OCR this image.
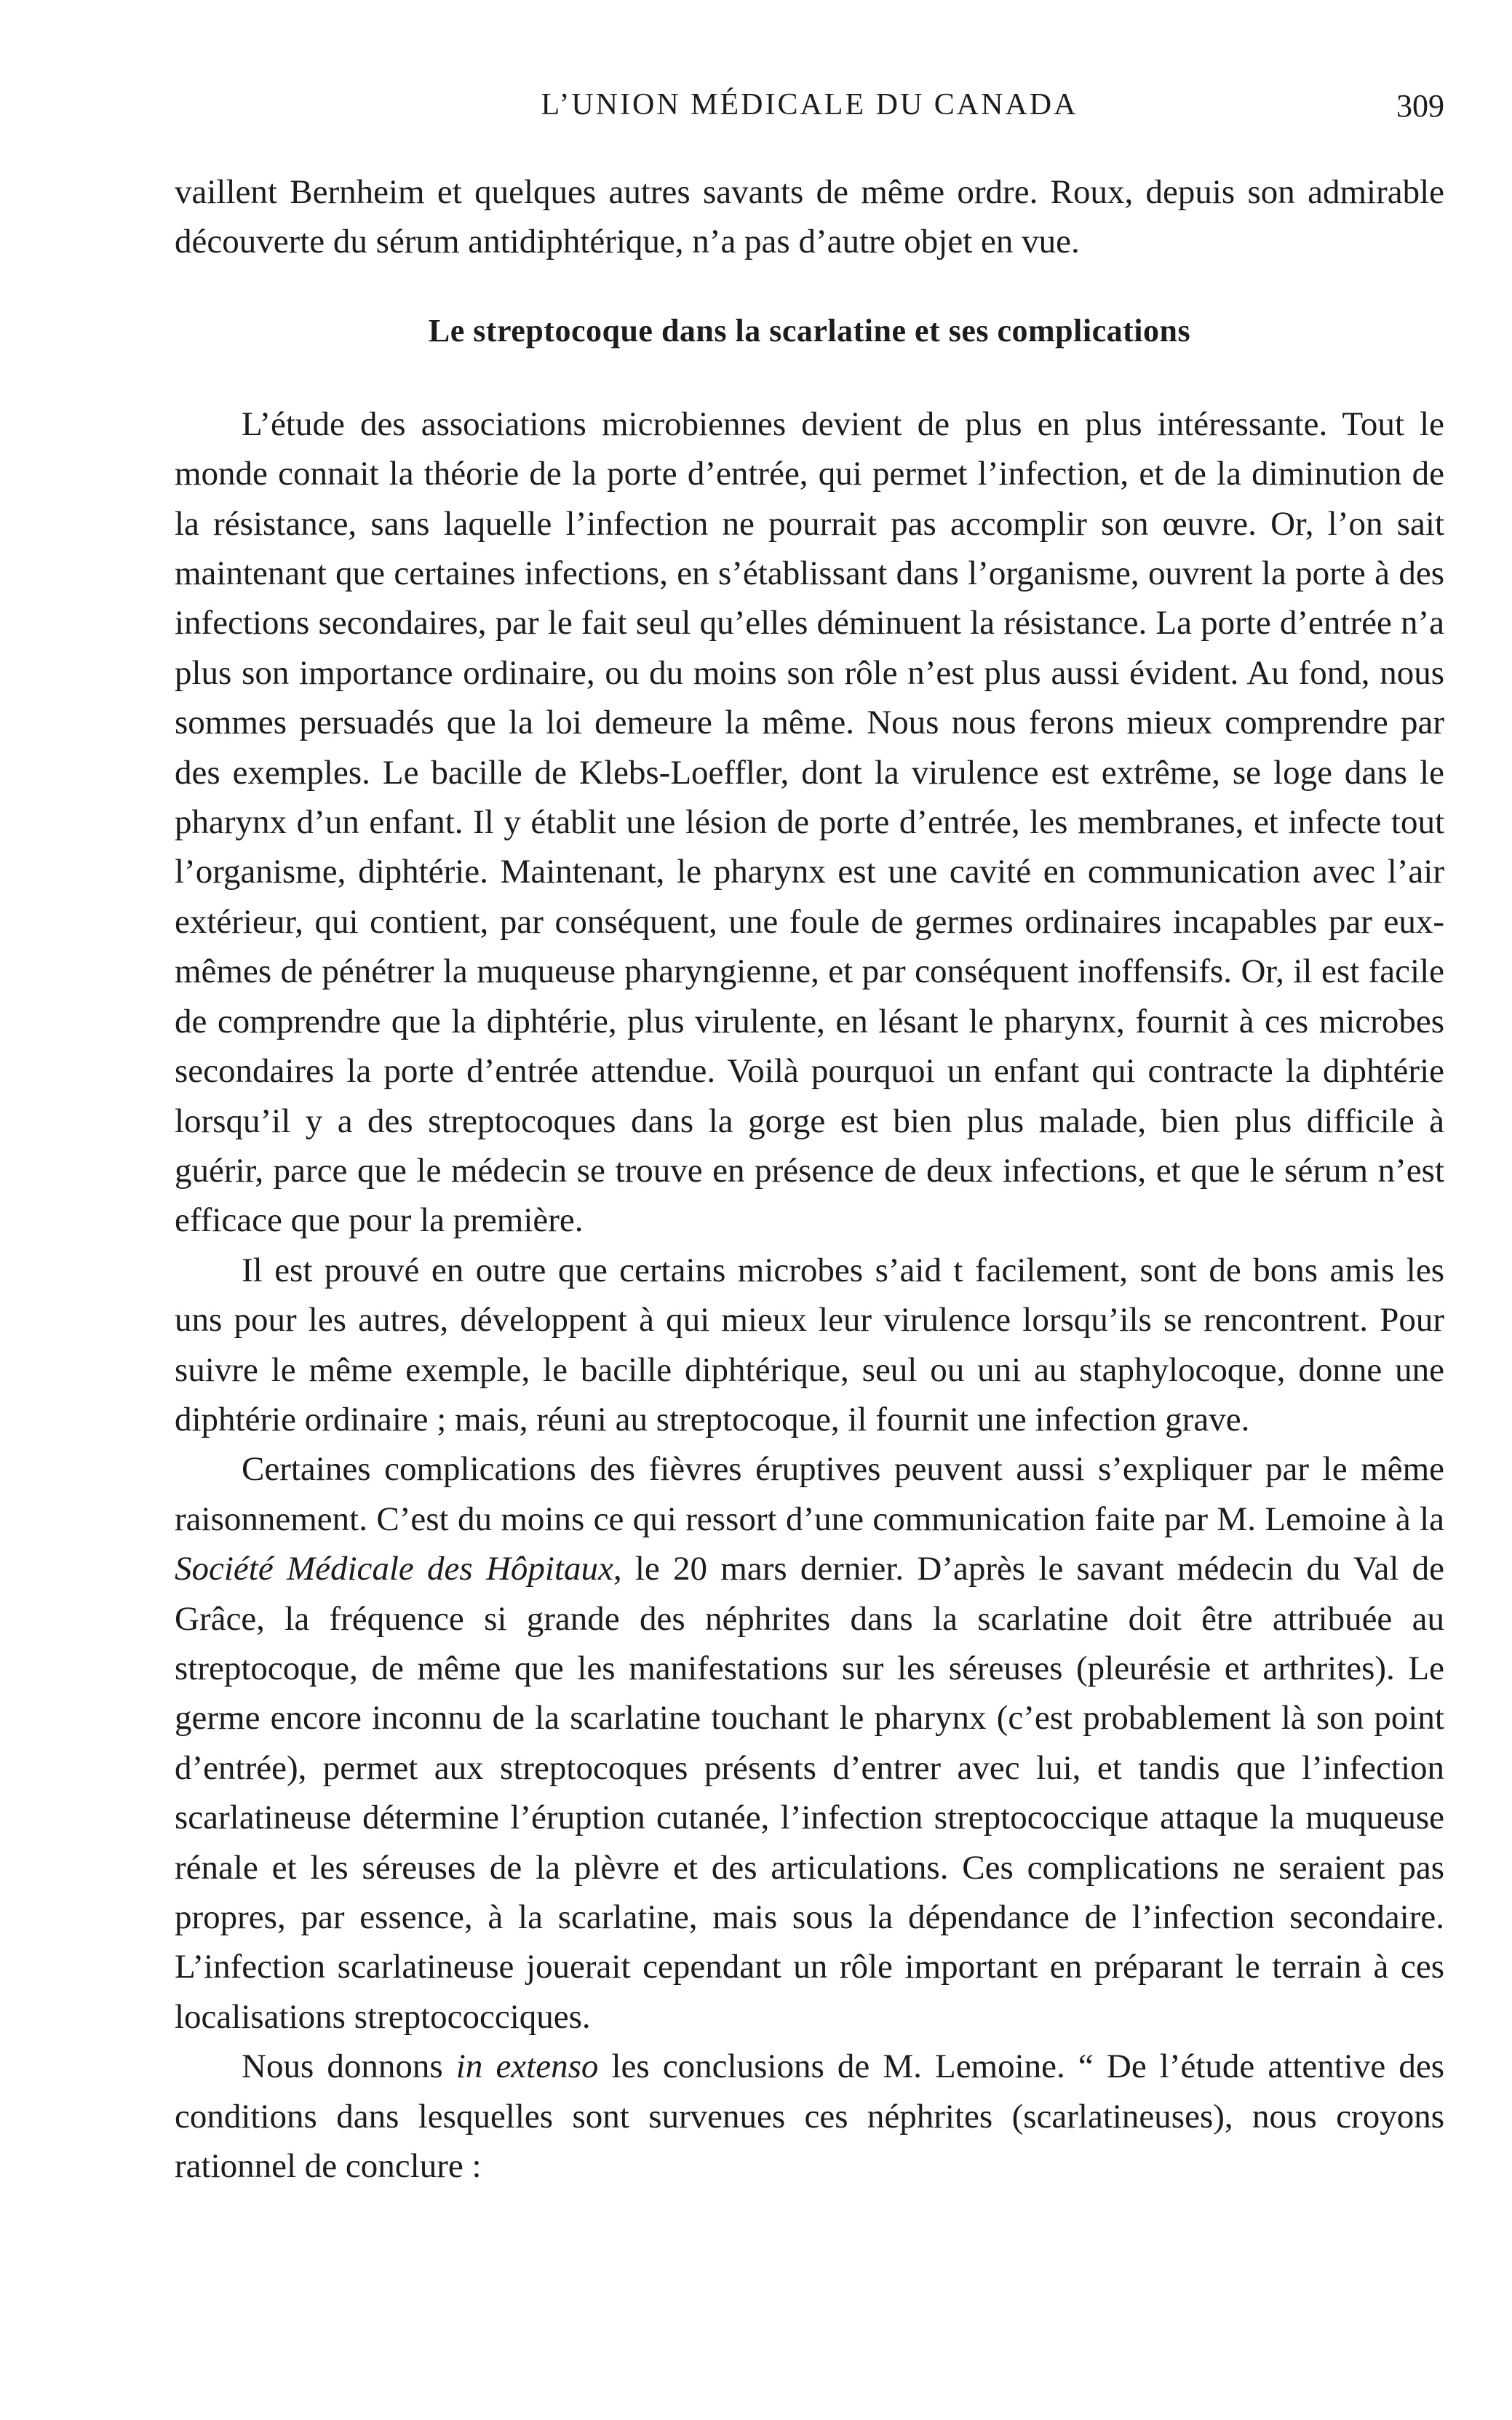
L’UNION MÉDICALE DU CANADA	309

vaillent Bernheim et quelques autres savants de même ordre. Roux, depuis son admirable découverte du sérum antidiphtérique, n’a pas d’autre objet en vue.

Le streptocoque dans la scarlatine et ses complications

L’étude des associations microbiennes devient de plus en plus intéressante. Tout le monde connait la théorie de la porte d’entrée, qui permet l’infection, et de la diminution de la résistance, sans laquelle l’infection ne pourrait pas accomplir son œuvre. Or, l’on sait maintenant que certaines infections, en s’établissant dans l’organisme, ouvrent la porte à des infections secondaires, par le fait seul qu’elles déminuent la résistance. La porte d’entrée n’a plus son importance ordinaire, ou du moins son rôle n’est plus aussi évident. Au fond, nous sommes persuadés que la loi demeure la même. Nous nous ferons mieux comprendre par des exemples. Le bacille de Klebs-Loeffler, dont la virulence est extrême, se loge dans le pharynx d’un enfant. Il y établit une lésion de porte d’entrée, les membranes, et infecte tout l’organisme, diphtérie. Maintenant, le pharynx est une cavité en communication avec l’air extérieur, qui contient, par conséquent, une foule de germes ordinaires incapables par eux-mêmes de pénétrer la muqueuse pharyngienne, et par conséquent inoffensifs. Or, il est facile de comprendre que la diphtérie, plus virulente, en lésant le pharynx, fournit à ces microbes secondaires la porte d’entrée attendue. Voilà pourquoi un enfant qui contracte la diphtérie lorsqu’il y a des streptocoques dans la gorge est bien plus malade, bien plus difficile à guérir, parce que le médecin se trouve en présence de deux infections, et que le sérum n’est efficace que pour la première.

Il est prouvé en outre que certains microbes s’aid t facilement, sont de bons amis les uns pour les autres, développent à qui mieux leur virulence lorsqu’ils se rencontrent. Pour suivre le même exemple, le bacille diphtérique, seul ou uni au staphylocoque, donne une diphtérie ordinaire ; mais, réuni au streptocoque, il fournit une infection grave.

Certaines complications des fièvres éruptives peuvent aussi s’expliquer par le même raisonnement. C’est du moins ce qui ressort d’une communication faite par M. Lemoine à la Société Médicale des Hôpitaux, le 20 mars dernier. D’après le savant médecin du Val de Grâce, la fréquence si grande des néphrites dans la scarlatine doit être attribuée au streptocoque, de même que les manifestations sur les séreuses (pleurésie et arthrites). Le germe encore inconnu de la scarlatine touchant le pharynx (c’est probablement là son point d’entrée), permet aux streptocoques présents d’entrer avec lui, et tandis que l’infection scarlatineuse détermine l’éruption cutanée, l’infection streptococcique attaque la muqueuse rénale et les séreuses de la plèvre et des articulations. Ces complications ne seraient pas propres, par essence, à la scarlatine, mais sous la dépendance de l’infection secondaire. L’infection scarlatineuse jouerait cependant un rôle important en préparant le terrain à ces localisations streptococciques.

Nous donnons in extenso les conclusions de M. Lemoine. “ De l’étude attentive des conditions dans lesquelles sont survenues ces néphrites (scarlatineuses), nous croyons rationnel de conclure :
